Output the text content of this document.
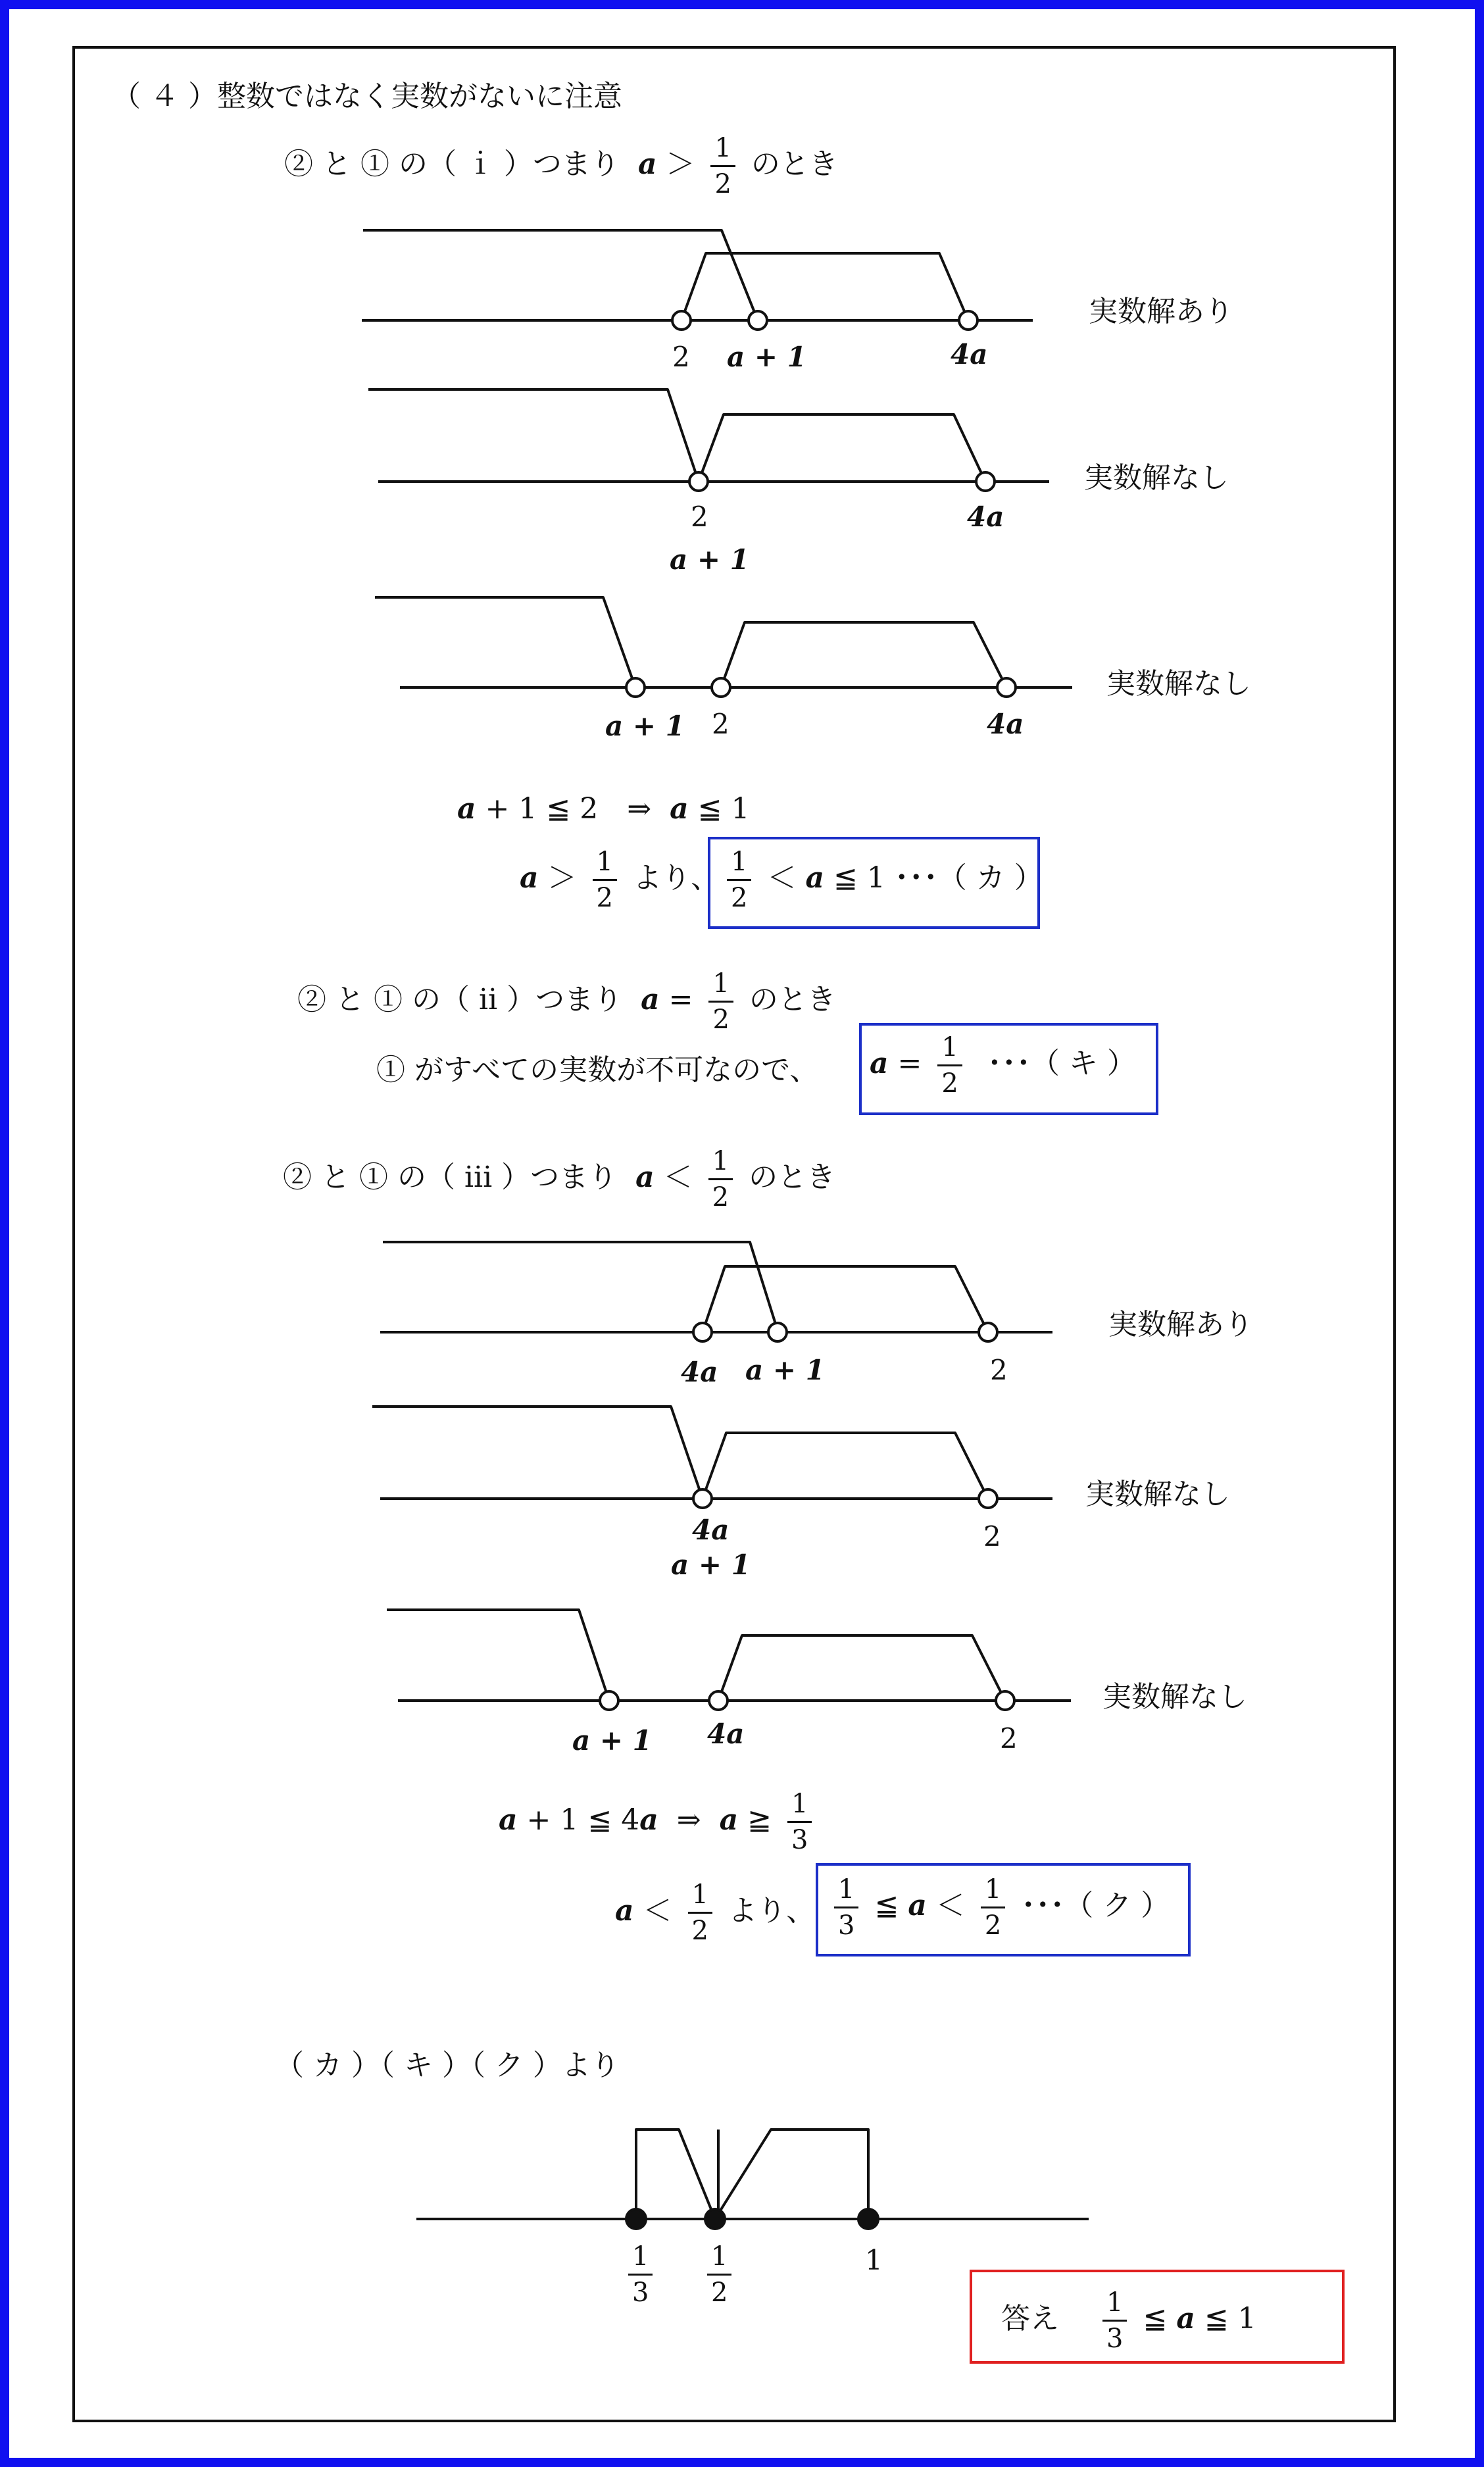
（ ４ ）整数ではなく実数がないに注意
② と ① の（ ｉ ）つまり $a > \frac{1}{2}$ のとき
2 a + 1	4a
実数解あり
2
a + 1
4a
実数解なし
a + 1 2	4a
実数解なし
a + 1 ≦ 2　⇒ a ≦ 1
$a > \frac{1}{2}$ より、 $\frac{1}{2} < a$ ≦ 1 ･･･（ カ ）
② と ① の（ ⅱ ）つまり $a = \frac{1}{2}$ のとき
① がすべての実数が不可なので、 $a = \frac{1}{2}$ ･･･（ キ ）
② と ① の（ ⅲ ）つまり $a < \frac{1}{2}$ のとき
4a a + 1	2
実数解あり
4a
a + 1
2
実数解なし
a + 1 4a	2
実数解なし
a + 1 ≦ 4a ⇒ a ≧ $\frac{1}{3}$
$a < \frac{1}{2}$ より、 $\frac{1}{3}$ ≦ $a < \frac{1}{2}$ ･･･（ ク ）
（ カ ）（ キ ）（ ク ）より
$\frac{1}{3} \frac{1}{2}$	1
答え $\frac{1}{3}$ ≦ a ≦ 1
